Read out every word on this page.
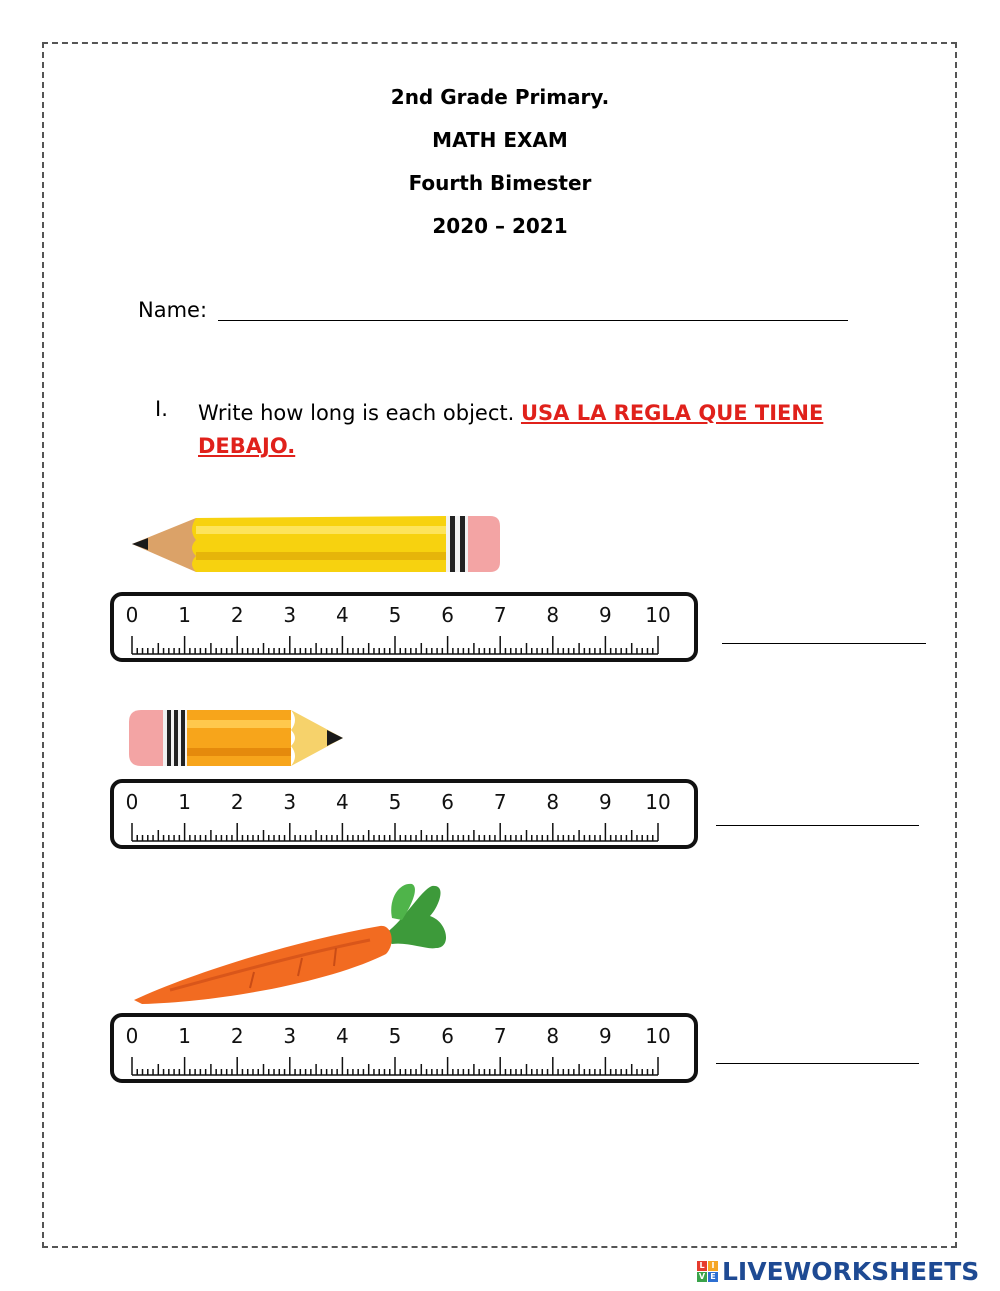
2nd Grade Primary.
MATH EXAM
Fourth Bimester
2020 – 2021
Name:
I. Write how long is each object. USA LA REGLA QUE TIENE DEBAJO.
0 1 2 3 4 5 6 7 8 9 10
0 1 2 3 4 5 6 7 8 9 10
0 1 2 3 4 5 6 7 8 9 10
L I
V E LIVEWORKSHEETS
